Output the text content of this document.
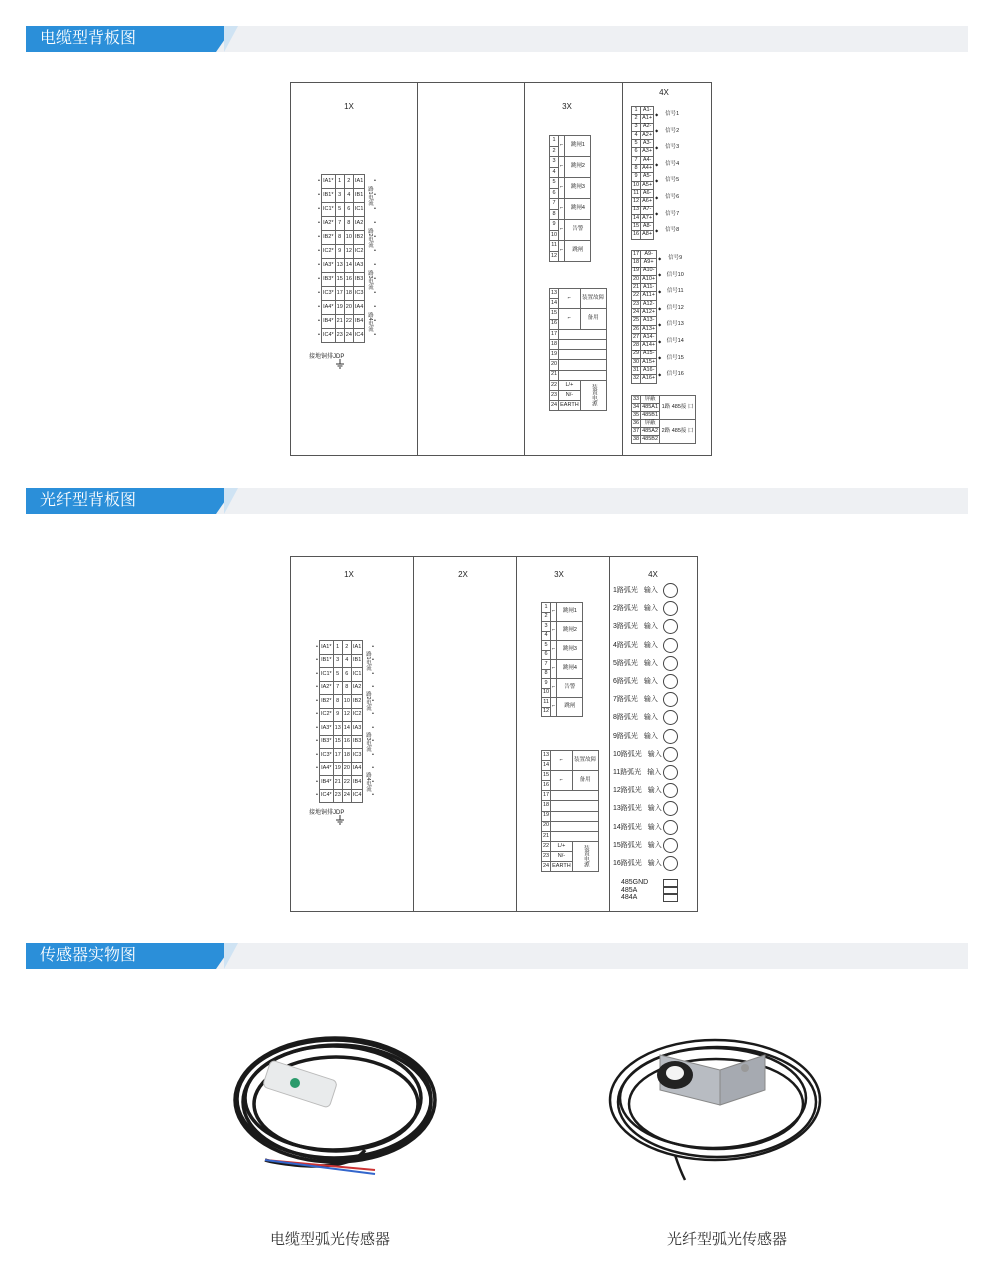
电缆型背板图
1X	3X
4X
•	IA1*	1	2	IA1	路1电流	•
•	IB1*	3	4	IB1		•
•	IC1*	5	6	IC1		•
•	IA2*	7	8	IA2	路2电流	•
•	IB2*	8	10	IB2		•
•	IC2*	9	12	IC2		•
•	IA3*	13	14	IA3	路3电流	•
•	IB3*	15	16	IB3		•
•	IC3*	17	18	IC3		•
•	IA4*	19	20	IA4	路4电流	•
•	IB4*	21	22	IB4		•
•	IC4*	23	24	IC4		•
接地铜排JDP
1	⌐	跳闸1
2		
3	⌐	跳闸2
4		
5	⌐	跳闸3
6		
7	⌐	跳闸4
8		
9	⌐	告警
10		
11	⌐	跳闸
12		
13	⌐	装置故障
14		
15	⌐	备用
16		
17		
18		
19		
20		
21		
22	L/+	装置电源
23	N/-	
24	EARTH	
1	A1-	◆	信号1
2	A1+		
3	A2-	◆	信号2
4	A2+		
5	A3-	◆	信号3
6	A3+		
7	A4-	◆	信号4
8	A4+		
9	A5-	◆	信号5
10	A5+		
11	A6-	◆	信号6
12	A6+		
13	A7-	◆	信号7
14	A7+		
15	A8-	◆	信号8
16	A8+		
17	A9-	◆	信号9
18	A9+		
19	A10-	◆	信号10
20	A10+		
21	A11-	◆	信号11
22	A11+		
23	A12-	◆	信号12
24	A12+		
25	A13-	◆	信号13
26	A13+		
27	A14-	◆	信号14
28	A14+		
29	A15-	◆	信号15
30	A15+		
31	A16-	◆	信号16
32	A16+		
33	屏蔽	1路 485接 口
34	485A1	
35	485B1	
36	屏蔽	2路 485接 口
37	485A2	
38	485B2	
光纤型背板图
1X	2X	3X	4X
•	IA1*	1	2	IA1	路1电流	•
•	IB1*	3	4	IB1		•
•	IC1*	5	6	IC1		•
•	IA2*	7	8	IA2	路2电流	•
•	IB2*	8	10	IB2		•
•	IC2*	9	12	IC2		•
•	IA3*	13	14	IA3	路3电流	•
•	IB3*	15	16	IB3		•
•	IC3*	17	18	IC3		•
•	IA4*	19	20	IA4	路4电流	•
•	IB4*	21	22	IB4		•
•	IC4*	23	24	IC4		•
接地铜排JDP
1	⌐	跳闸1
2		
3	⌐	跳闸2
4		
5	⌐	跳闸3
6		
7	⌐	跳闸4
8		
9	⌐	告警
10		
11	⌐	跳闸
12		
13	⌐	装置故障
14		
15	⌐	备用
16		
17		
18		
19		
20		
21		
22	L/+	装置电源
23	N/-	
24	EARTH	
1路弧光 输入
2路弧光 输入
3路弧光 输入
4路弧光 输入
5路弧光 输入
6路弧光 输入
7路弧光 输入
8路弧光 输入
9路弧光 输入
10路弧光 输入
11路弧光 输入
12路弧光 输入
13路弧光 输入
14路弧光 输入
15路弧光 输入
16路弧光 输入
485GND
485A
484A
传感器实物图
电缆型弧光传感器	光纤型弧光传感器
